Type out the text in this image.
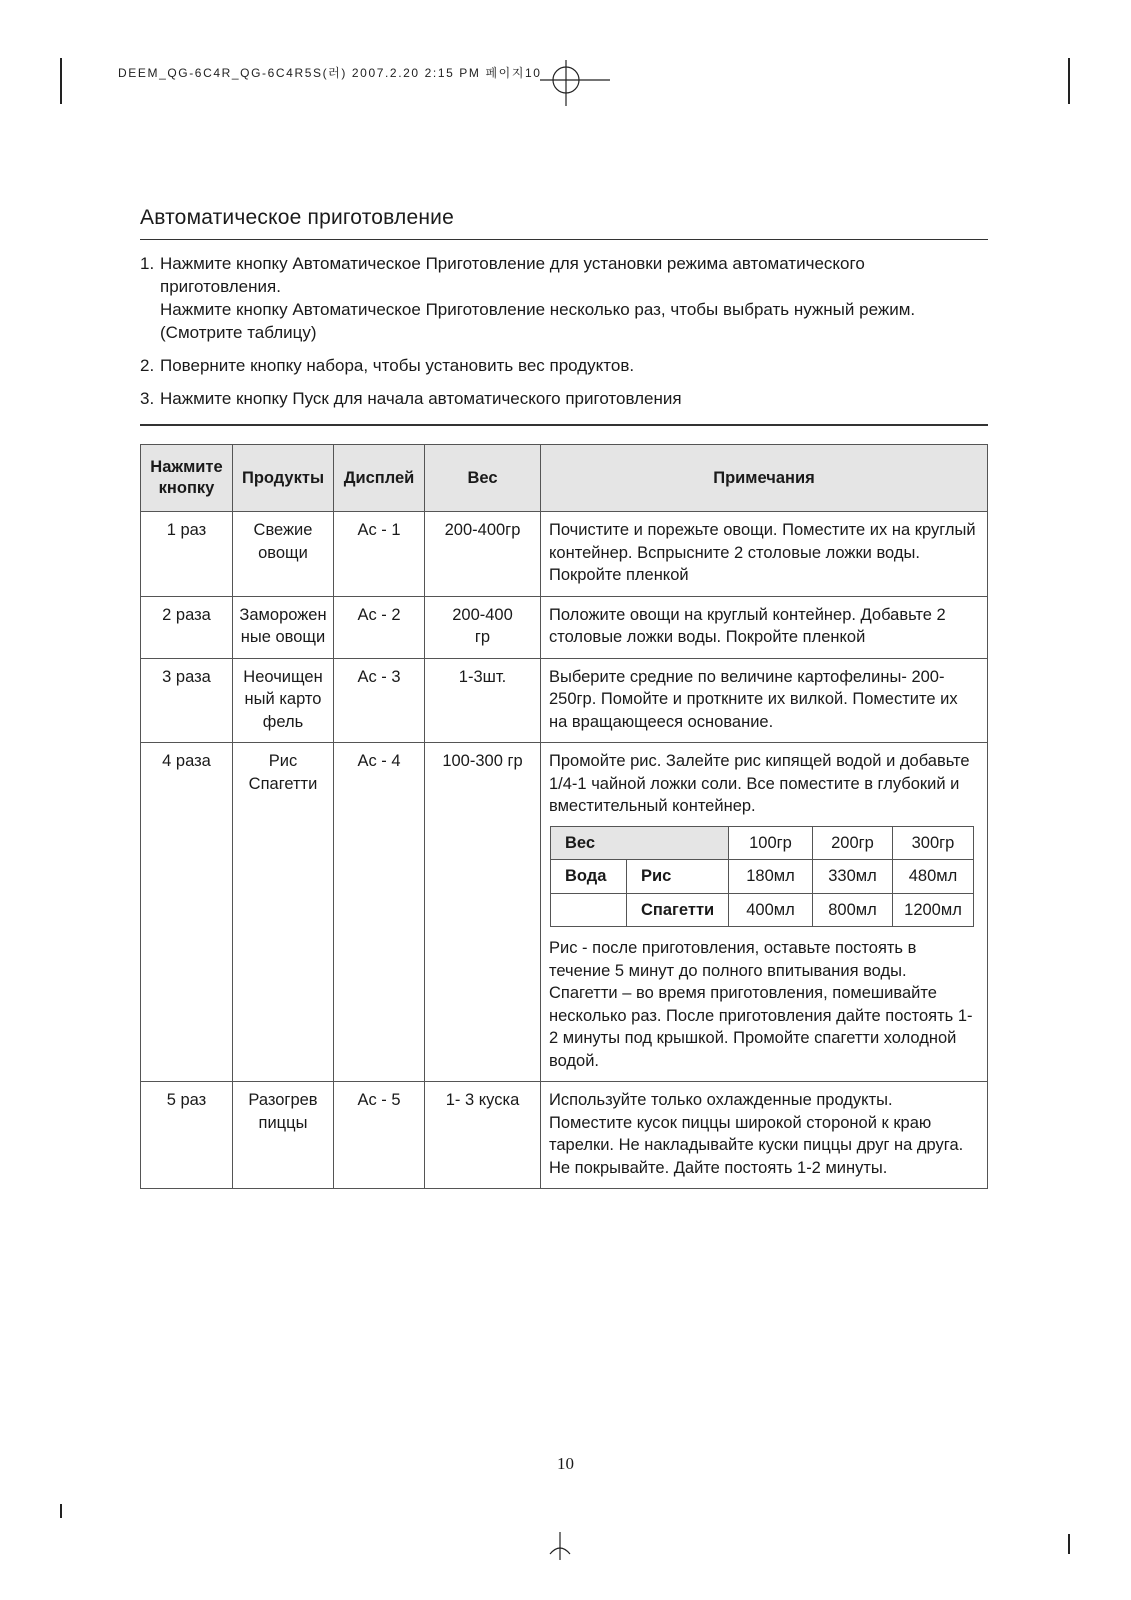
DEEM_QG-6C4R_QG-6C4R5S(러) 2007.2.20 2:15 PM 페이지10
Автоматическое приготовление
1. Нажмите кнопку Автоматическое Приготовление для установки режима автоматического приготовления.
Нажмите кнопку Автоматическое Приготовление несколько раз, чтобы выбрать нужный режим. (Смотрите таблицу)
2. Поверните кнопку набора, чтобы установить вес продуктов.
3. Нажмите кнопку Пуск для начала автоматического приготовления
Нажмите кнопку	Продукты	Дисплей	Вес	Примечания
1 раз	Свежие овощи	Ac - 1	200-400гр	Почистите и порежьте овощи. Поместите их на круглый контейнер. Вспрысните 2 столовые ложки воды. Покройте пленкой
2 раза	Замороженные овощи	Ac - 2	200-400 гр	Положите овощи на круглый контейнер. Добавьте 2 столовые ложки воды. Покройте пленкой
3 раза	Неочищенный картофель	Ac - 3	1-3шт.	Выберите средние по величине картофелины- 200-250гр. Помойте и проткните их вилкой. Поместите их на вращающееся основание.
4 раза	Рис Спагетти	Ac - 4	100-300 гр	Промойте рис. Залейте рис кипящей водой и добавьте 1/4-1 чайной ложки соли. Все поместите в глубокий и вместительный контейнер.
Вес	100гр	200гр	300гр
Вода	Рис	180мл	330мл	480мл
	Спагетти	400мл	800мл	1200мл
Рис - после приготовления, оставьте постоять в течение 5 минут до полного впитывания воды. Спагетти – во время приготовления, помешивайте несколько раз. После приготовления дайте постоять 1-2 минуты под крышкой. Промойте спагетти холодной водой.

5 раз	Разогрев пиццы	Ac - 5	1- 3 куска	Используйте только охлажденные продукты. Поместите кусок пиццы широкой стороной к краю тарелки. Не накладывайте куски пиццы друг на друга. Не покрывайте. Дайте постоять 1-2 минуты.
10
